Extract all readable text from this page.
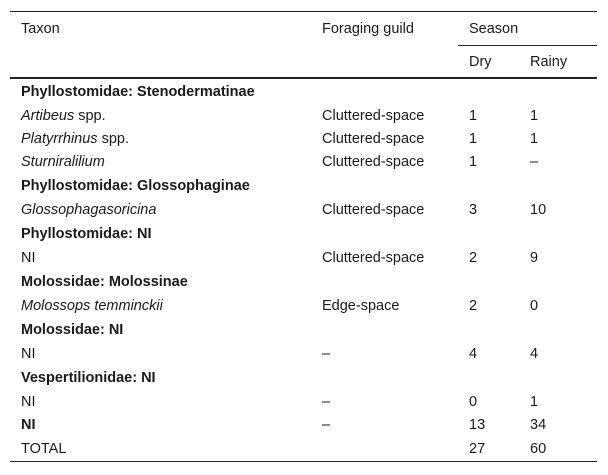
Taxon	Foraging guild	Season	
		Dry	Rainy
Phyllostomidae: Stenodermatinae			
Artibeus spp.	Cluttered-space	1	1
Platyrrhinus spp.	Cluttered-space	1	1
Sturniralilium	Cluttered-space	1	–
Phyllostomidae: Glossophaginae			
Glossophagasoricina	Cluttered-space	3	10
Phyllostomidae: NI			
NI	Cluttered-space	2	9
Molossidae: Molossinae			
Molossops temminckii	Edge-space	2	0
Molossidae: NI			
NI	–	4	4
Vespertilionidae: NI			
NI	–	0	1
NI	–	13	34
TOTAL		27	60
